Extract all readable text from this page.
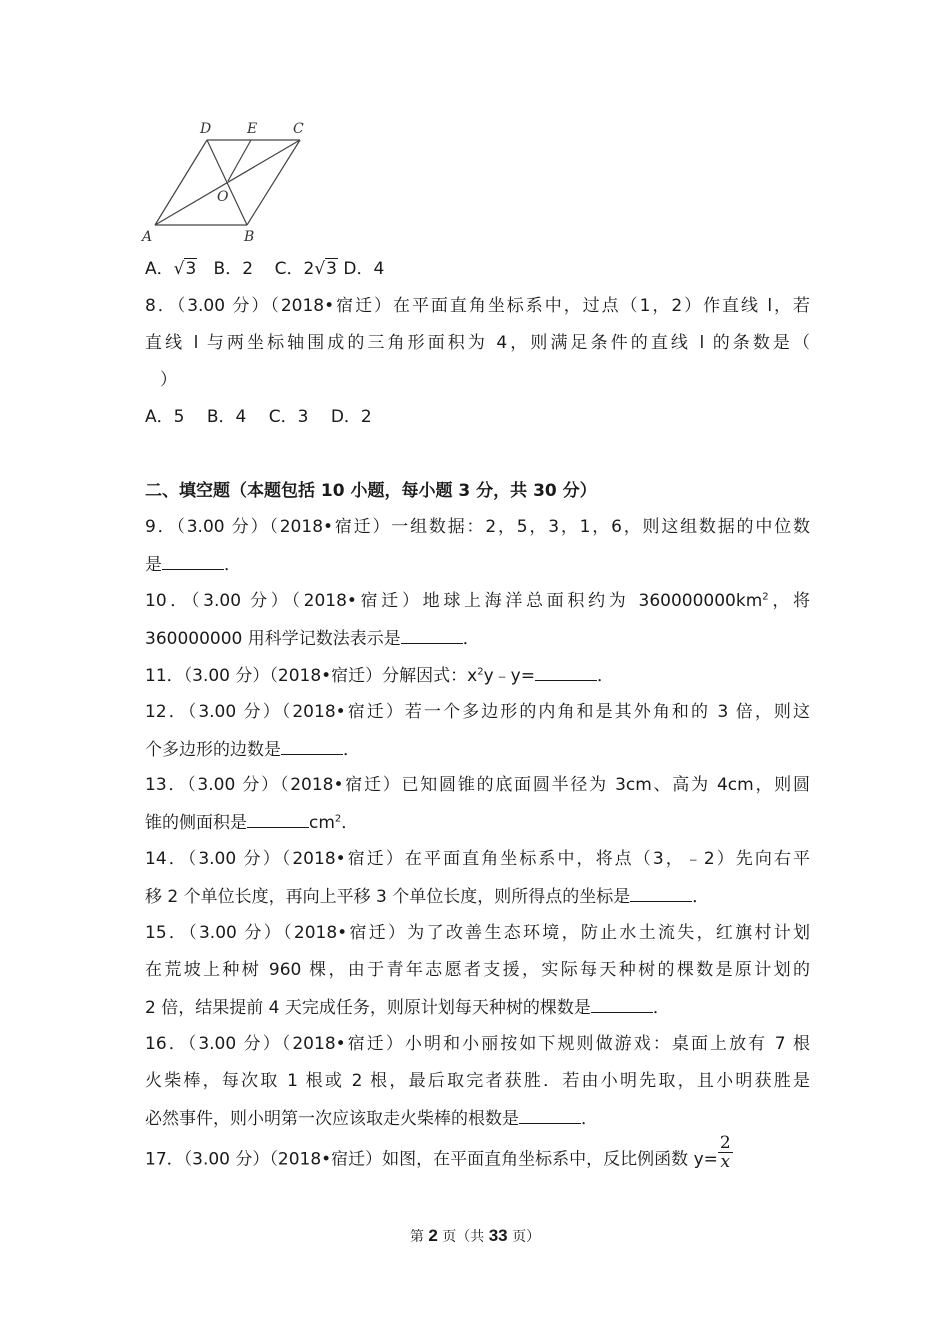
A	B
C
D	E
O
A．√3 B．2 C．2√3 D．4
8．（3.00 分）（2018•宿迁）在平面直角坐标系中，过点（1，2）作直线 l，若
直线 l 与两坐标轴围成的三角形面积为 4，则满足条件的直线 l 的条数是（
）
A．5　 B．4　 C．3　 D．2
二、填空题（本题包括 10 小题，每小题 3 分，共 30 分）
9．（3.00 分）（2018•宿迁）一组数据：2，5，3，1，6，则这组数据的中位数
是	．
10．（3.00 分）（2018•宿迁）地球上海洋总面积约为 $360000000km^2$，将
360000000 用科学记数法表示是	．
11．（3.00 分）（2018•宿迁）分解因式：$x^2y﹣y=$	．
12．（3.00 分）（2018•宿迁）若一个多边形的内角和是其外角和的 3 倍，则这
个多边形的边数是	．
13．（3.00 分）（2018•宿迁）已知圆锥的底面圆半径为 3cm、高为 4cm，则圆
锥的侧面积是	$cm^2$．
14．（3.00 分）（2018•宿迁）在平面直角坐标系中，将点（3，﹣2）先向右平
移 2 个单位长度，再向上平移 3 个单位长度，则所得点的坐标是	．
15．（3.00 分）（2018•宿迁）为了改善生态环境，防止水土流失，红旗村计划
在荒坡上种树 960 棵，由于青年志愿者支援，实际每天种树的棵数是原计划的
2 倍，结果提前 4 天完成任务，则原计划每天种树的棵数是	．
16．（3.00 分）（2018•宿迁）小明和小丽按如下规则做游戏：桌面上放有 7 根
火柴棒，每次取 1 根或 2 根，最后取完者获胜．若由小明先取，且小明获胜是
必然事件，则小明第一次应该取走火柴棒的根数是	．
17．（3.00 分）（2018•宿迁）如图，在平面直角坐标系中，反比例函数 $y= \frac{2}{x}$
第 2 页（共 33 页）
